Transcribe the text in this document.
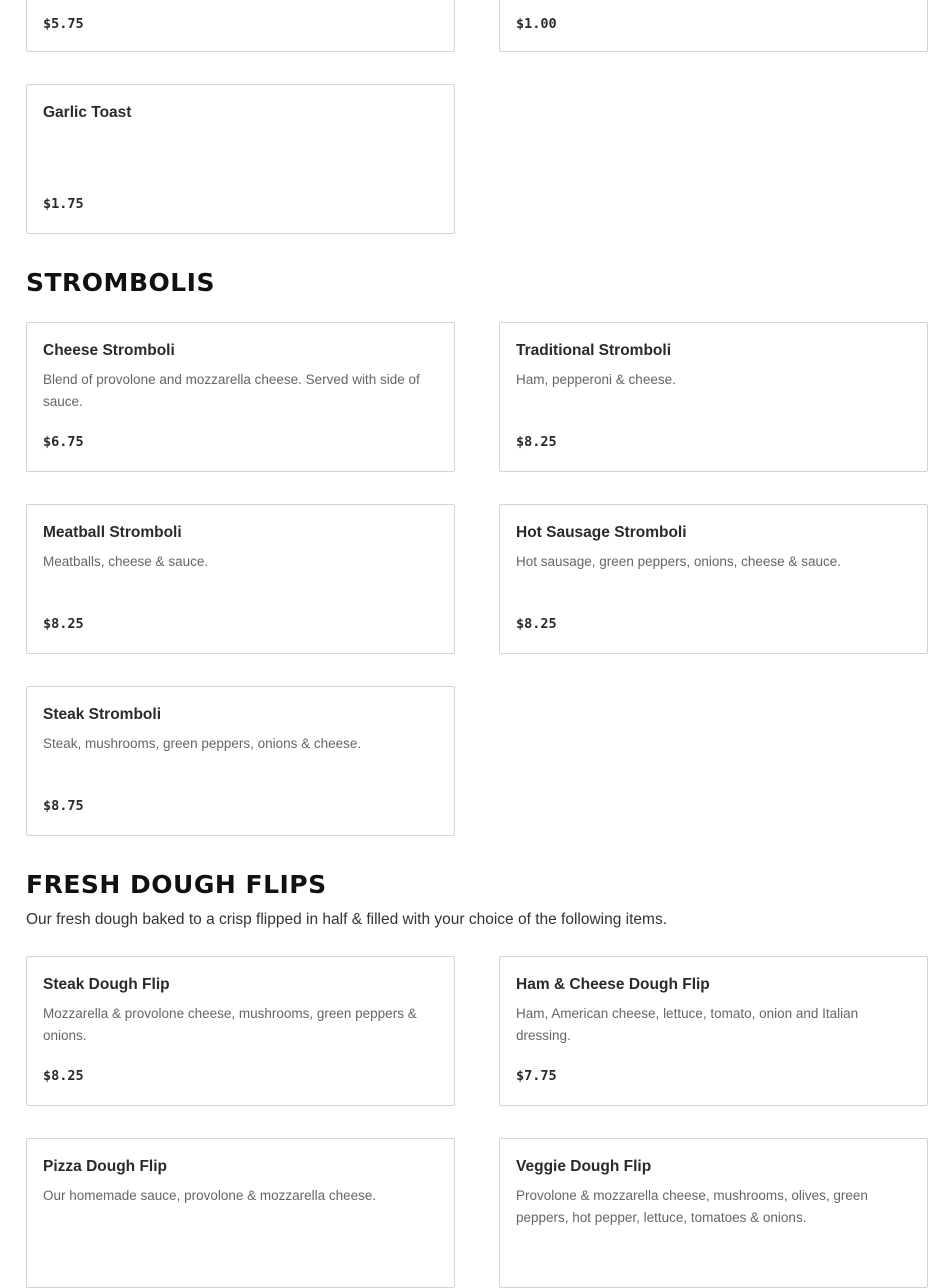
$5.75	$1.00
Garlic Toast
$1.75
STROMBOLIS
Cheese Stromboli
Blend of provolone and mozzarella cheese. Served with side of sauce.
$6.75
Traditional Stromboli
Ham, pepperoni & cheese.
$8.25
Meatball Stromboli
Meatballs, cheese & sauce.
$8.25
Hot Sausage Stromboli
Hot sausage, green peppers, onions, cheese & sauce.
$8.25
Steak Stromboli
Steak, mushrooms, green peppers, onions & cheese.
$8.75
FRESH DOUGH FLIPS

Our fresh dough baked to a crisp flipped in half & filled with your choice of the following items.

Steak Dough Flip
Mozzarella & provolone cheese, mushrooms, green peppers & onions.
$8.25
Ham & Cheese Dough Flip
Ham, American cheese, lettuce, tomato, onion and Italian dressing.
$7.75
Pizza Dough Flip
Our homemade sauce, provolone & mozzarella cheese.
Veggie Dough Flip
Provolone & mozzarella cheese, mushrooms, olives, green peppers, hot pepper, lettuce, tomatoes & onions.
